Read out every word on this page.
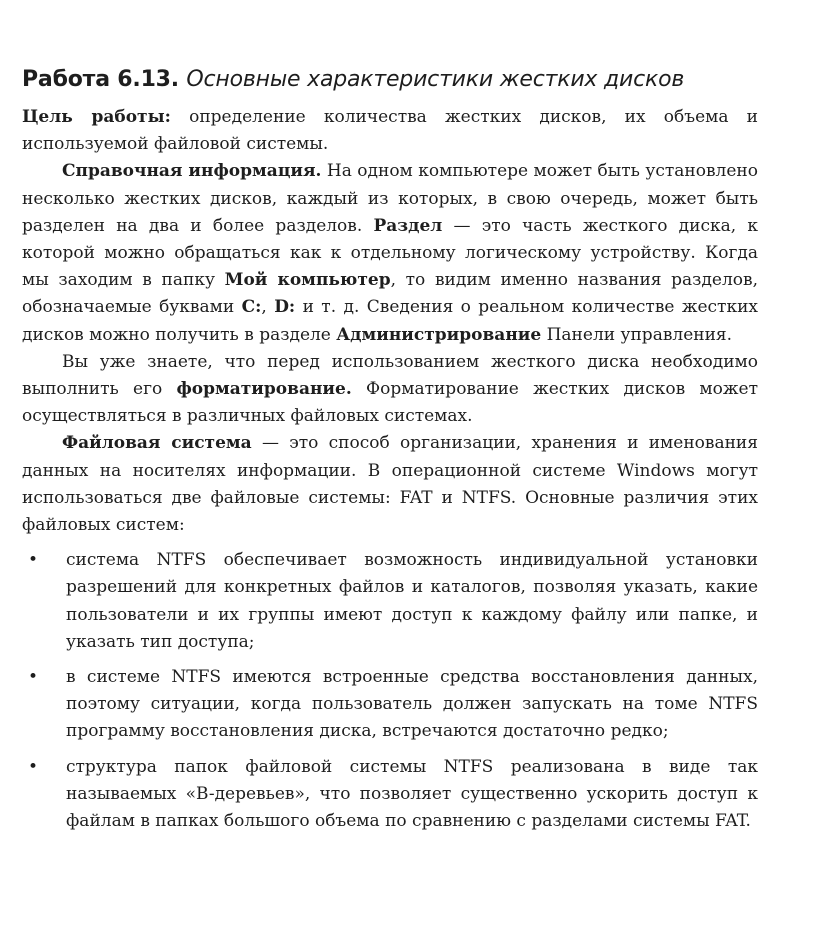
Работа 6.13. Основные характеристики жестких дисков

Цель работы: определение количества жестких дисков, их объема и используемой файловой системы.

Справочная информация. На одном компьютере может быть установлено несколько жестких дисков, каждый из которых, в свою очередь, может быть разделен на два и более разделов. Раздел — это часть жесткого диска, к которой можно обращаться как к отдельному логическому устройству. Когда мы заходим в папку Мой компьютер, то видим именно названия разделов, обозначаемые буквами C:, D: и т. д. Сведения о реальном количестве жестких дисков можно получить в разделе Администрирование Панели управления.

Вы уже знаете, что перед использованием жесткого диска необходимо выполнить его форматирование. Форматирование жестких дисков может осуществляться в различных файловых системах.

Файловая система — это способ организации, хранения и именования данных на носителях информации. В операционной системе Windows могут использоваться две файловые системы: FAT и NTFS. Основные различия этих файловых систем:

• система NTFS обеспечивает возможность индивидуальной установки разрешений для конкретных файлов и каталогов, позволяя указать, какие пользователи и их группы имеют доступ к каждому файлу или папке, и указать тип доступа;
• в системе NTFS имеются встроенные средства восстановления данных, поэтому ситуации, когда пользователь должен запускать на томе NTFS программу восстановления диска, встречаются достаточно редко;
• структура папок файловой системы NTFS реализована в виде так называемых «B-деревьев», что позволяет существенно ускорить доступ к файлам в папках большого объема по сравнению с разделами системы FAT.
